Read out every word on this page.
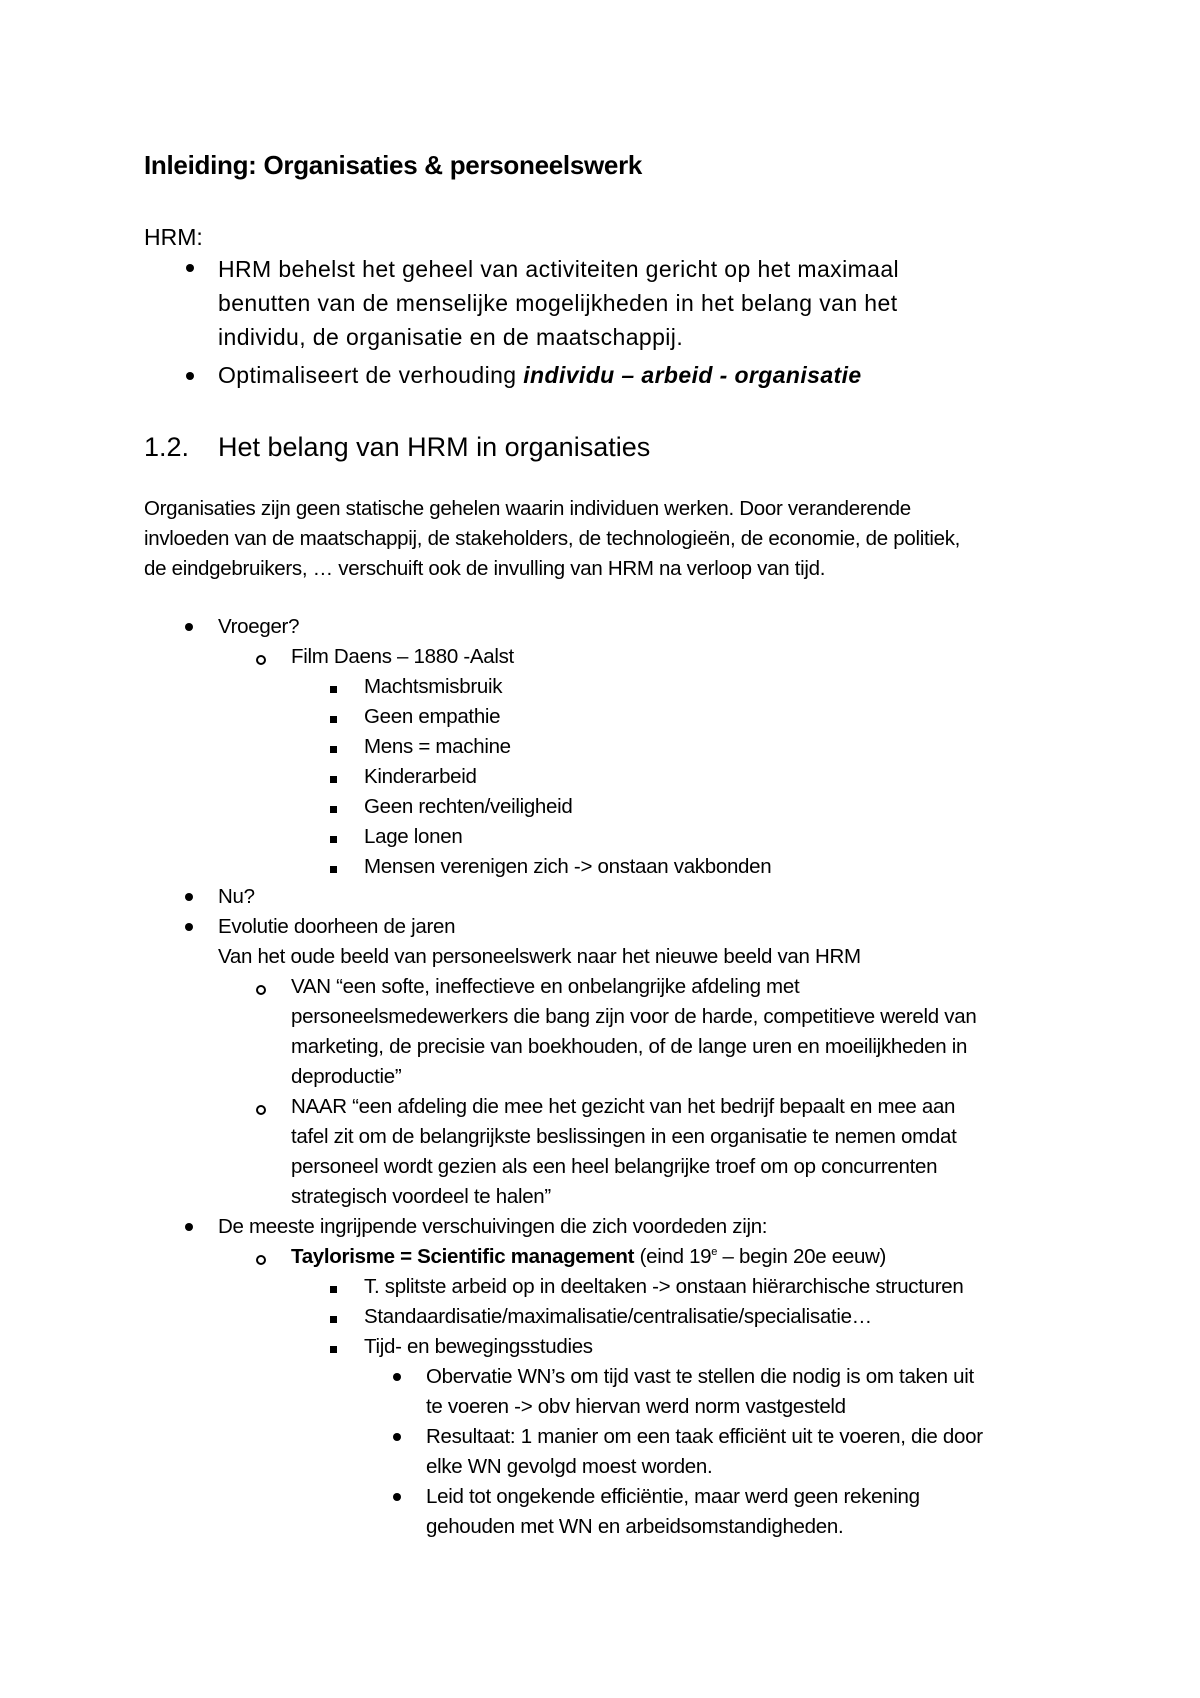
Inleiding: Organisaties & personeelswerk
HRM:
HRM behelst het geheel van activiteiten gericht op het maximaal
benutten van de menselijke mogelijkheden in het belang van het
individu, de organisatie en de maatschappij.
Optimaliseert de verhouding individu – arbeid - organisatie
1.2. Het belang van HRM in organisaties
Organisaties zijn geen statische gehelen waarin individuen werken. Door veranderende
invloeden van de maatschappij, de stakeholders, de technologieën, de economie, de politiek,
de eindgebruikers, … verschuift ook de invulling van HRM na verloop van tijd.
Vroeger?
Film Daens – 1880 -Aalst
Machtsmisbruik
Geen empathie
Mens = machine
Kinderarbeid
Geen rechten/veiligheid
Lage lonen
Mensen verenigen zich -> onstaan vakbonden
Nu?
Evolutie doorheen de jaren
Van het oude beeld van personeelswerk naar het nieuwe beeld van HRM
VAN “een softe, ineffectieve en onbelangrijke afdeling met
personeelsmedewerkers die bang zijn voor de harde, competitieve wereld van
marketing, de precisie van boekhouden, of de lange uren en moeilijkheden in
deproductie”
NAAR “een afdeling die mee het gezicht van het bedrijf bepaalt en mee aan
tafel zit om de belangrijkste beslissingen in een organisatie te nemen omdat
personeel wordt gezien als een heel belangrijke troef om op concurrenten
strategisch voordeel te halen”
De meeste ingrijpende verschuivingen die zich voordeden zijn:
Taylorisme = Scientific management (eind 19e – begin 20e eeuw)
T. splitste arbeid op in deeltaken -> onstaan hiërarchische structuren
Standaardisatie/maximalisatie/centralisatie/specialisatie…
Tijd- en bewegingsstudies
Obervatie WN’s om tijd vast te stellen die nodig is om taken uit
te voeren -> obv hiervan werd norm vastgesteld
Resultaat: 1 manier om een taak efficiënt uit te voeren, die door
elke WN gevolgd moest worden.
Leid tot ongekende efficiëntie, maar werd geen rekening
gehouden met WN en arbeidsomstandigheden.
